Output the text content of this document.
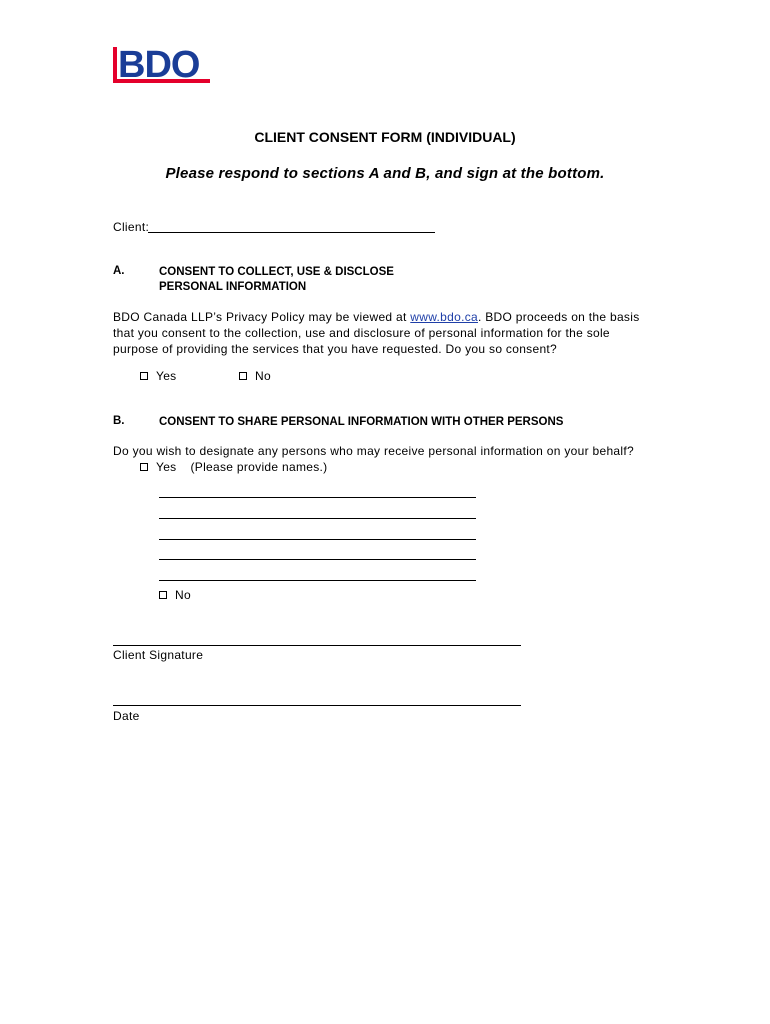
BDO
CLIENT CONSENT FORM (INDIVIDUAL)
Please respond to sections A and B, and sign at the bottom.
Client:
A.	CONSENT TO COLLECT, USE & DISCLOSE
PERSONAL INFORMATION
BDO Canada LLP’s Privacy Policy may be viewed at www.bdo.ca. BDO proceeds on the basis that you consent to the collection, use and disclosure of personal information for the sole purpose of providing the services that you have requested. Do you so consent?
Yes	No
B.	CONSENT TO SHARE PERSONAL INFORMATION WITH OTHER PERSONS
Do you wish to designate any persons who may receive personal information on your behalf?
Yes (Please provide names.)
No
Client Signature
Date
